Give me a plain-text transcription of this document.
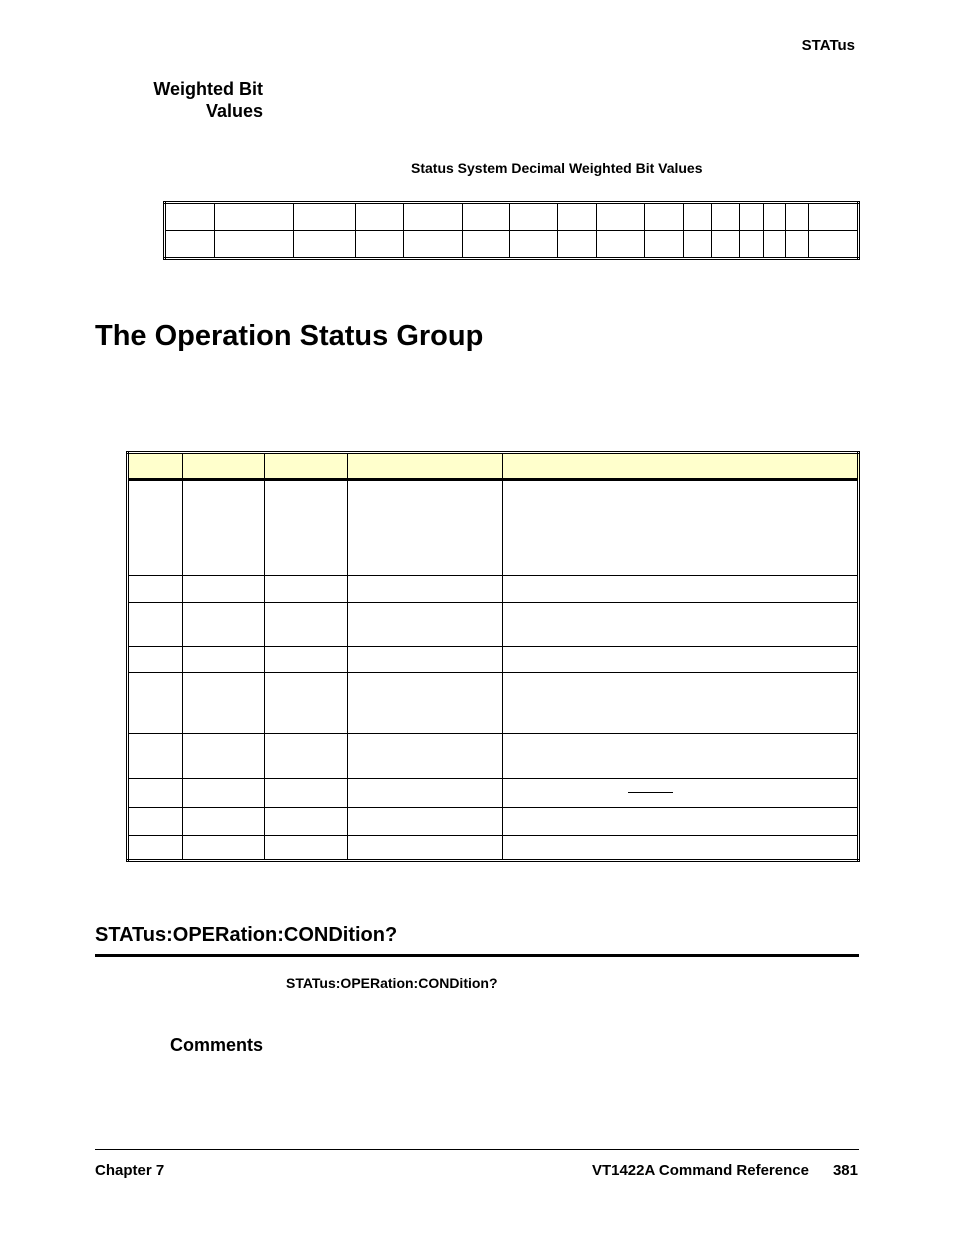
STATus
Weighted Bit Values
Status System Decimal Weighted Bit Values

The Operation Status Group

STATus:OPERation:CONDition?
STATus:OPERation:CONDition?
Comments
Chapter 7	VT1422A Command Reference 381
